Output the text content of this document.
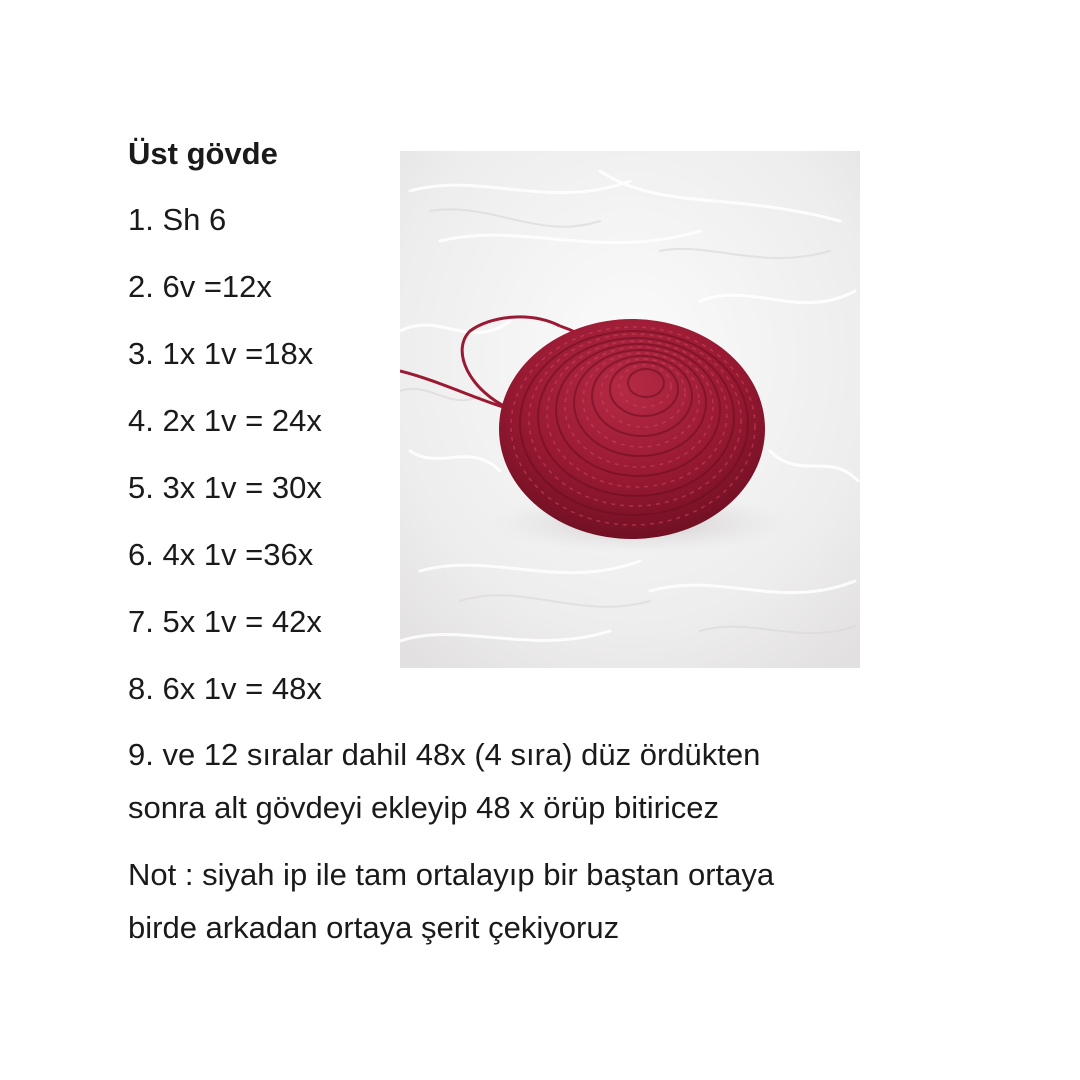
Üst gövde
1. Sh 6
2. 6v =12x
3. 1x 1v =18x
4. 2x 1v = 24x
5. 3x 1v = 30x
6. 4x 1v =36x
7. 5x 1v = 42x
8. 6x 1v = 48x
9. ve 12 sıralar dahil 48x (4 sıra) düz ördükten
sonra alt gövdeyi ekleyip 48 x örüp bitiricez
Not : siyah ip ile tam ortalayıp bir baştan ortaya
birde arkadan ortaya şerit çekiyoruz
